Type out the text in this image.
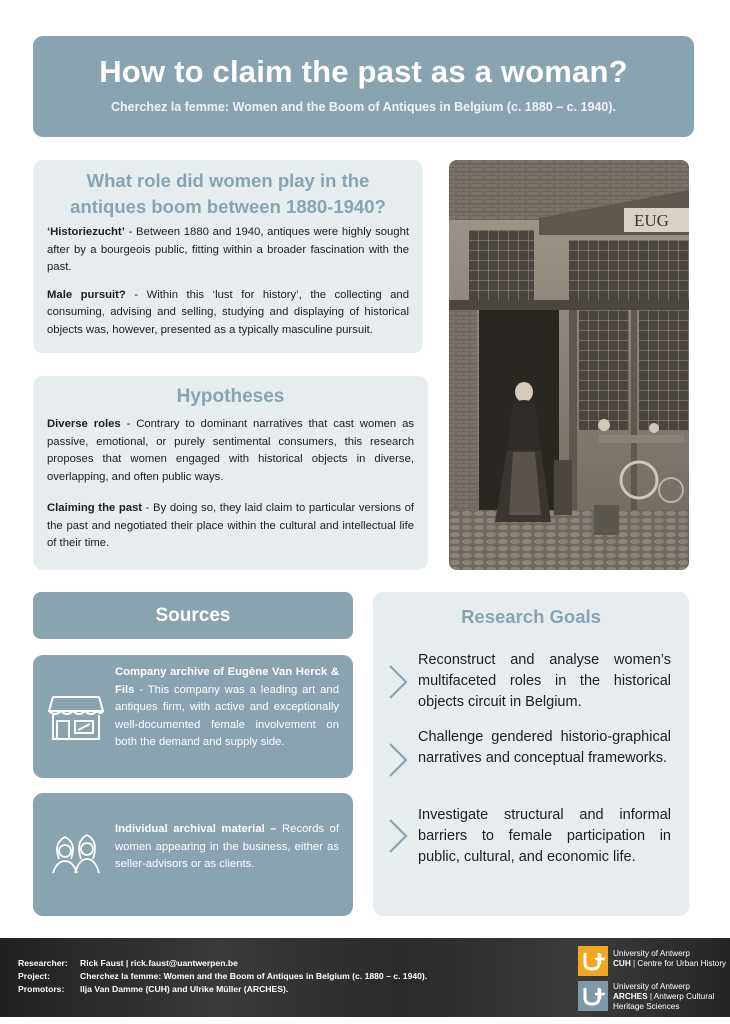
How to claim the past as a woman?
Cherchez la femme: Women and the Boom of Antiques in Belgium (c. 1880 – c. 1940).
What role did women play in the antiques boom between 1880-1940?

‘Historiezucht’ - Between 1880 and 1940, antiques were highly sought after by a bourgeois public, fitting within a broader fascination with the past.

Male pursuit? - Within this ‘lust for history’, the collecting and consuming, advising and selling, studying and displaying of historical objects was, however, presented as a typically masculine pursuit.

Hypotheses

Diverse roles - Contrary to dominant narratives that cast women as passive, emotional, or purely sentimental consumers, this research proposes that women engaged with historical objects in diverse, overlapping, and often public ways.

Claiming the past - By doing so, they laid claim to particular versions of the past and negotiated their place within the cultural and intellectual life of their time.

EUG
Sources
Company archive of Eugène Van Herck & Fils - This company was a leading art and antiques firm, with active and exceptionally well-documented female involvement on both the demand and supply side.
Individual archival material – Records of women appearing in the business, either as seller-advisors or as clients.
Research Goals
Reconstruct and analyse women’s multifaceted roles in the historical objects circuit in Belgium.
Challenge gendered historio-graphical narratives and conceptual frameworks.
Investigate structural and informal barriers to female participation in public, cultural, and economic life.
Researcher: Rick Faust | rick.faust@uantwerpen.be
Project:	Cherchez la femme: Women and the Boom of Antiques in Belgium (c. 1880 – c. 1940).
Promotors: Ilja Van Damme (CUH) and Ulrike Müller (ARCHES).
University of Antwerp
CUH | Centre for Urban History
University of Antwerp
ARCHES | Antwerp Cultural
Heritage Sciences
